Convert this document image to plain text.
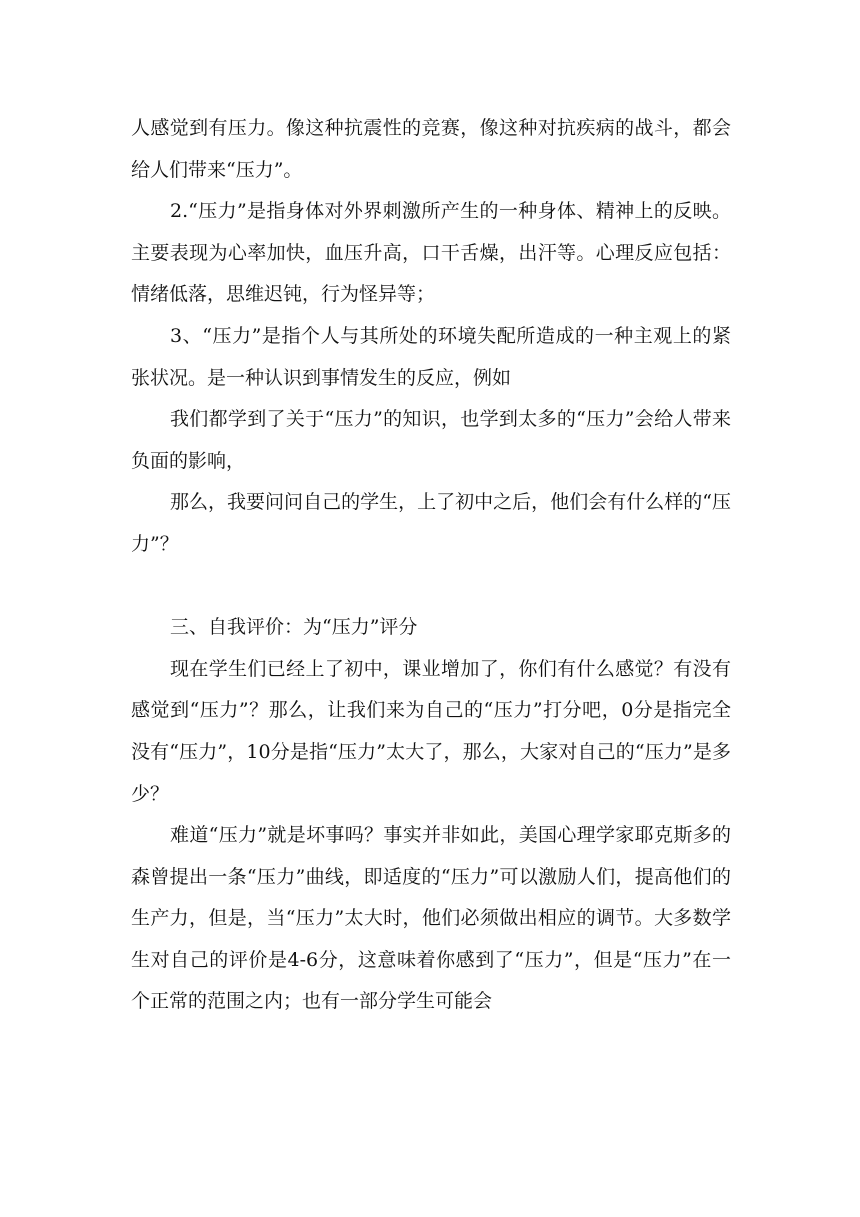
人感觉到有压力。像这种抗震性的竞赛，像这种对抗疾病的战斗，都会给人们带来“压力”。

2.“压力”是指身体对外界刺激所产生的一种身体、精神上的反映。主要表现为心率加快，血压升高，口干舌燥，出汗等。心理反应包括：情绪低落，思维迟钝，行为怪异等；

3、“压力”是指个人与其所处的环境失配所造成的一种主观上的紧张状况。是一种认识到事情发生的反应，例如

我们都学到了关于“压力”的知识，也学到太多的“压力”会给人带来负面的影响，

那么，我要问问自己的学生，上了初中之后，他们会有什么样的“压力”？

三、自我评价：为“压力”评分

现在学生们已经上了初中，课业增加了，你们有什么感觉？有没有感觉到“压力”？那么，让我们来为自己的“压力”打分吧，0分是指完全没有“压力”，10分是指“压力”太大了，那么，大家对自己的“压力”是多少？

难道“压力”就是坏事吗？事实并非如此，美国心理学家耶克斯多的森曾提出一条“压力”曲线，即适度的“压力”可以激励人们，提高他们的生产力，但是，当“压力”太大时，他们必须做出相应的调节。大多数学生对自己的评价是4-6分，这意味着你感到了“压力”，但是“压力”在一个正常的范围之内；也有一部分学生可能会
